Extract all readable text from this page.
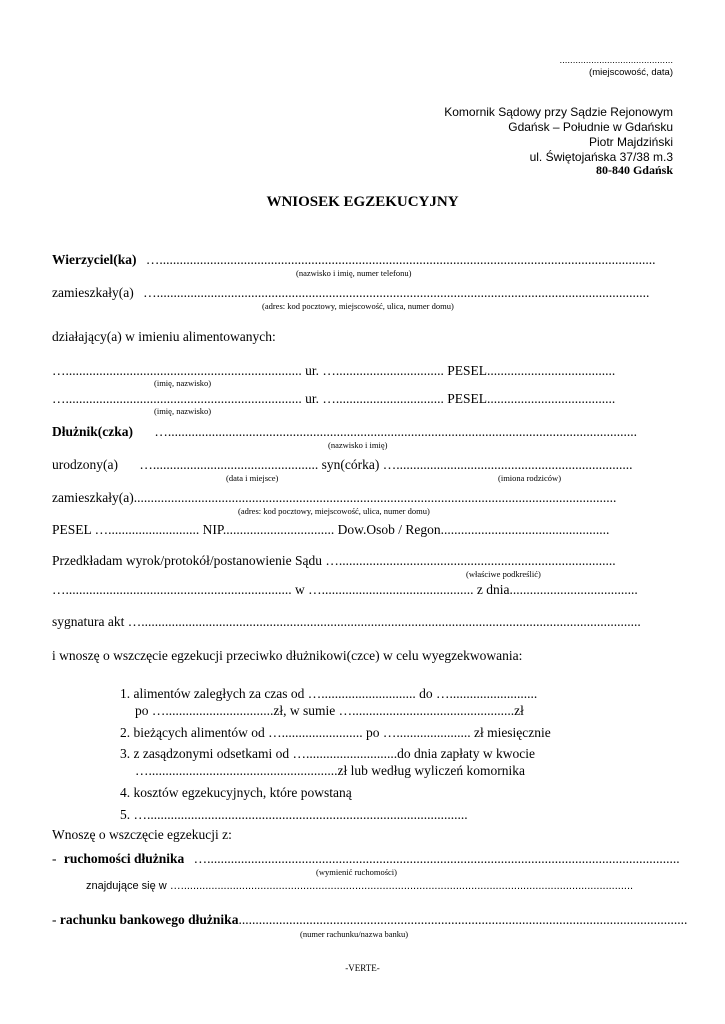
...........................................
(miejscowość, data)
Komornik Sądowy przy Sądzie Rejonowym
Gdańsk – Południe w Gdańsku
Piotr Majdziński
ul. Świętojańska 37/38 m.3
80-840 Gdańsk
WNIOSEK EGZEKUCYJNY
Wierzyciel(ka) …...................................................................................................................................................
(nazwisko i imię, numer telefonu)
zamieszkały(a) …..................................................................................................................................................
(adres: kod pocztowy, miejscowość, ulica, numer domu)
działający(a) w imieniu alimentowanych:
…...................................................................... ur. …................................ PESEL......................................
(imię, nazwisko)
…...................................................................... ur. …................................ PESEL......................................
(imię, nazwisko)
Dłużnik(czka) …...........................................................................................................................................
(nazwisko i imię)
urodzony(a) …................................................. syn(córka) …......................................................................
(data i miejsce)	(imiona rodziców)
zamieszkały(a)...............................................................................................................................................
(adres: kod pocztowy, miejscowość, ulica, numer domu)
PESEL …........................... NIP................................. Dow.Osob / Regon..................................................
Przedkładam wyrok/protokół/postanowienie Sądu …..................................................................................
(właściwe podkreślić)
…................................................................... w …............................................. z dnia......................................
sygnatura akt …....................................................................................................................................................
i wnoszę o wszczęcie egzekucji przeciwko dłużnikowi(czce) w celu wyegzekwowania:
1. alimentów zaległych za czas od …............................ do …..........................
po …................................zł, w sumie …................................................zł
2. bieżących alimentów od …........................ po …...................... zł miesięcznie
3. z zasądzonymi odsetkami od …...........................do dnia zapłaty w kwocie
…........................................................zł lub według wyliczeń komornika
4. kosztów egzekucyjnych, które powstaną
5. …...............................................................................................
Wnoszę o wszczęcie egzekucji z:
- ruchomości dłużnika …............................................................................................................................................
(wymienić ruchomości)
znajdujące się w …....................................................................................................................................................
- rachunku bankowego dłużnika.....................................................................................................................................
(numer rachunku/nazwa banku)
-VERTE-
